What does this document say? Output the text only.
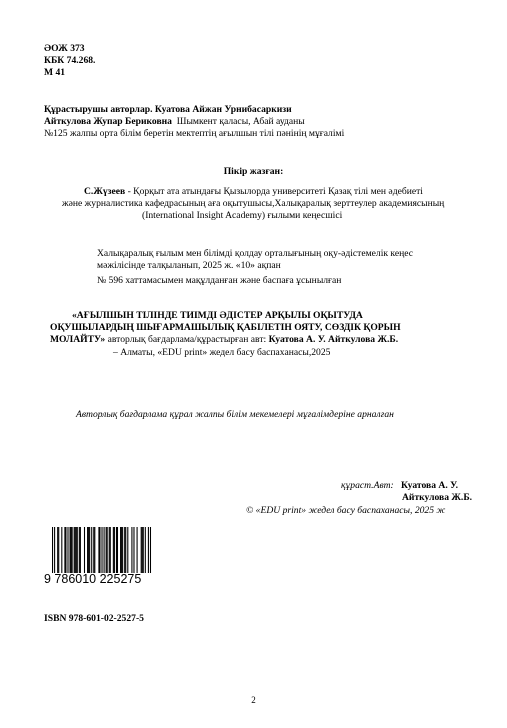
ӘОЖ 373
КБК 74.268.
М 41
Құрастырушы авторлар. Куатова Айжан Урнибасаркизи
Айткулова Жупар Бериковна Шымкент қаласы, Абай ауданы
№125 жалпы орта білім беретін мектептің ағылшын тілі пәнінің мұғалімі
Пікір жазған:
С.Жүзеев - Қорқыт ата атындағы Қызылорда университеті Қазақ тілі мен әдебиеті
және журналистика кафедрасының аға оқытушысы,Халықаралық зерттеулер академиясының
(International Insight Academy) ғылыми кеңесшісі
Халықаралық ғылым мен білімді қолдау орталығының оқу-әдістемелік кеңес
мәжілісінде талқыланып, 2025 ж. «10» ақпан
№ 596 хаттамасымен мақұлданған және баспаға ұсынылған
«АҒЫЛШЫН ТІЛІНДЕ ТИІМДІ ӘДІСТЕР АРҚЫЛЫ ОҚЫТУДА
ОҚУШЫЛАРДЫҢ ШЫҒАРМАШЫЛЫҚ ҚАБІЛЕТІН ОЯТУ, СӨЗДІК ҚОРЫН
МОЛАЙТУ» авторлық бағдарлама/құрастырған авт: Куатова А. У. Айткулова Ж.Б.
– Алматы, «EDU print» жедел басу баспаханасы,2025
Авторлық бағдарлама құрал жалпы білім мекемелері мұғалімдеріне арналған
құраст.Авт: Куатова А. У.
Айткулова Ж.Б.
© «EDU print» жедел басу баспаханасы, 2025 ж
9 786010 225275
ISBN 978-601-02-2527-5
2
